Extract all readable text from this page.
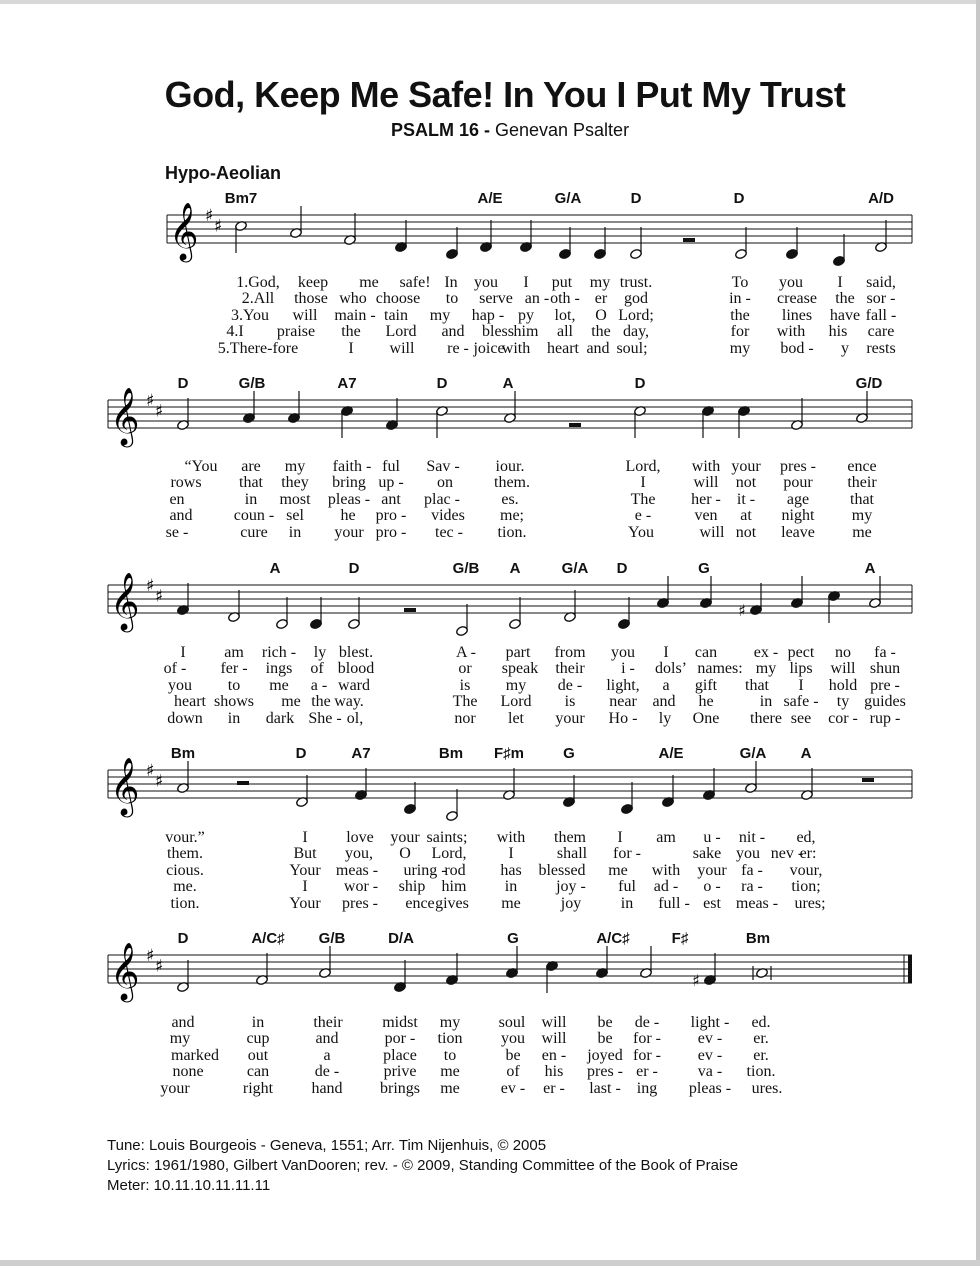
God, Keep Me Safe! In You I Put My Trust
PSALM 16 - Genevan Psalter
Hypo-Aeolian
Bm7	A/E	G/A	D	D	A/D
𝄞 ♯
♯
1.God, keep me safe! In you I put my trust.	To you I said,
2.All those who choose to serve an - oth - er god	in - crease the sor -
3.You will main - tain my hap - py lot, O Lord;	the lines have fall -
4.I praise the Lord and bless him all the day,	for with his care
5.There-fore	I will re - joice
with heart and soul;	my bod - y rests
D	G/B	A7	D	A	D	G/D
𝄞 ♯
♯
“You are my faith - ful Sav - iour.	Lord, with your pres - ence
rows that they bring up - on	them.	I	will not pour their
en	in most pleas - ant plac -	es.	The her - it - age	that
and	coun - sel he pro - vides me;	e -	ven at night my
se -	cure in your pro - tec - tion.	You	will not leave me
A	D	G/B A	G/A D	G	A
𝄞 ♯
♯
♯
I am rich - ly blest.	A - part from you I can ex - pect no fa -
of - fer - ings of blood	or speak their i - dols’ names: my lips will shun
you to me a - ward	is my de - light, a gift that I hold pre -
heart shows me the way.	The Lord is near and he	in safe - ty guides
down in dark She - ol,	nor let your Ho - ly One there see cor - rup -
Bm	D	A7	Bm F♯m	G	A/E	G/A A
𝄞 ♯
♯
vour.”	I love your saints; with them I am u - nit - ed,
them.	But you, O Lord,	I	shall for -	sake you nev -
er:
cious.	Your meas - uring -
rod has blessed me with your fa - vour,
me.	I wor - ship him in joy - ful ad - o - ra - tion;
tion.	Your pres - ence gives me	joy in full - est meas - ures;
D	A/C♯ G/B	D/A	G	A/C♯	F♯	Bm
𝄞 ♯
♯
♯
and	in	their midst my soul will be de - light - ed.
my	cup	and	por - tion you will be for - ev - er.
marked out	a	place to	be en - joyed for - ev - er.
none	can	de -	prive me	of his pres - er - va - tion.
your	right hand brings me	ev - er - last - ing pleas - ures.
Tune: Louis Bourgeois - Geneva, 1551; Arr. Tim Nijenhuis, © 2005
Lyrics: 1961/1980, Gilbert VanDooren; rev. - © 2009, Standing Committee of the Book of Praise
Meter: 10.11.10.11.11.11
